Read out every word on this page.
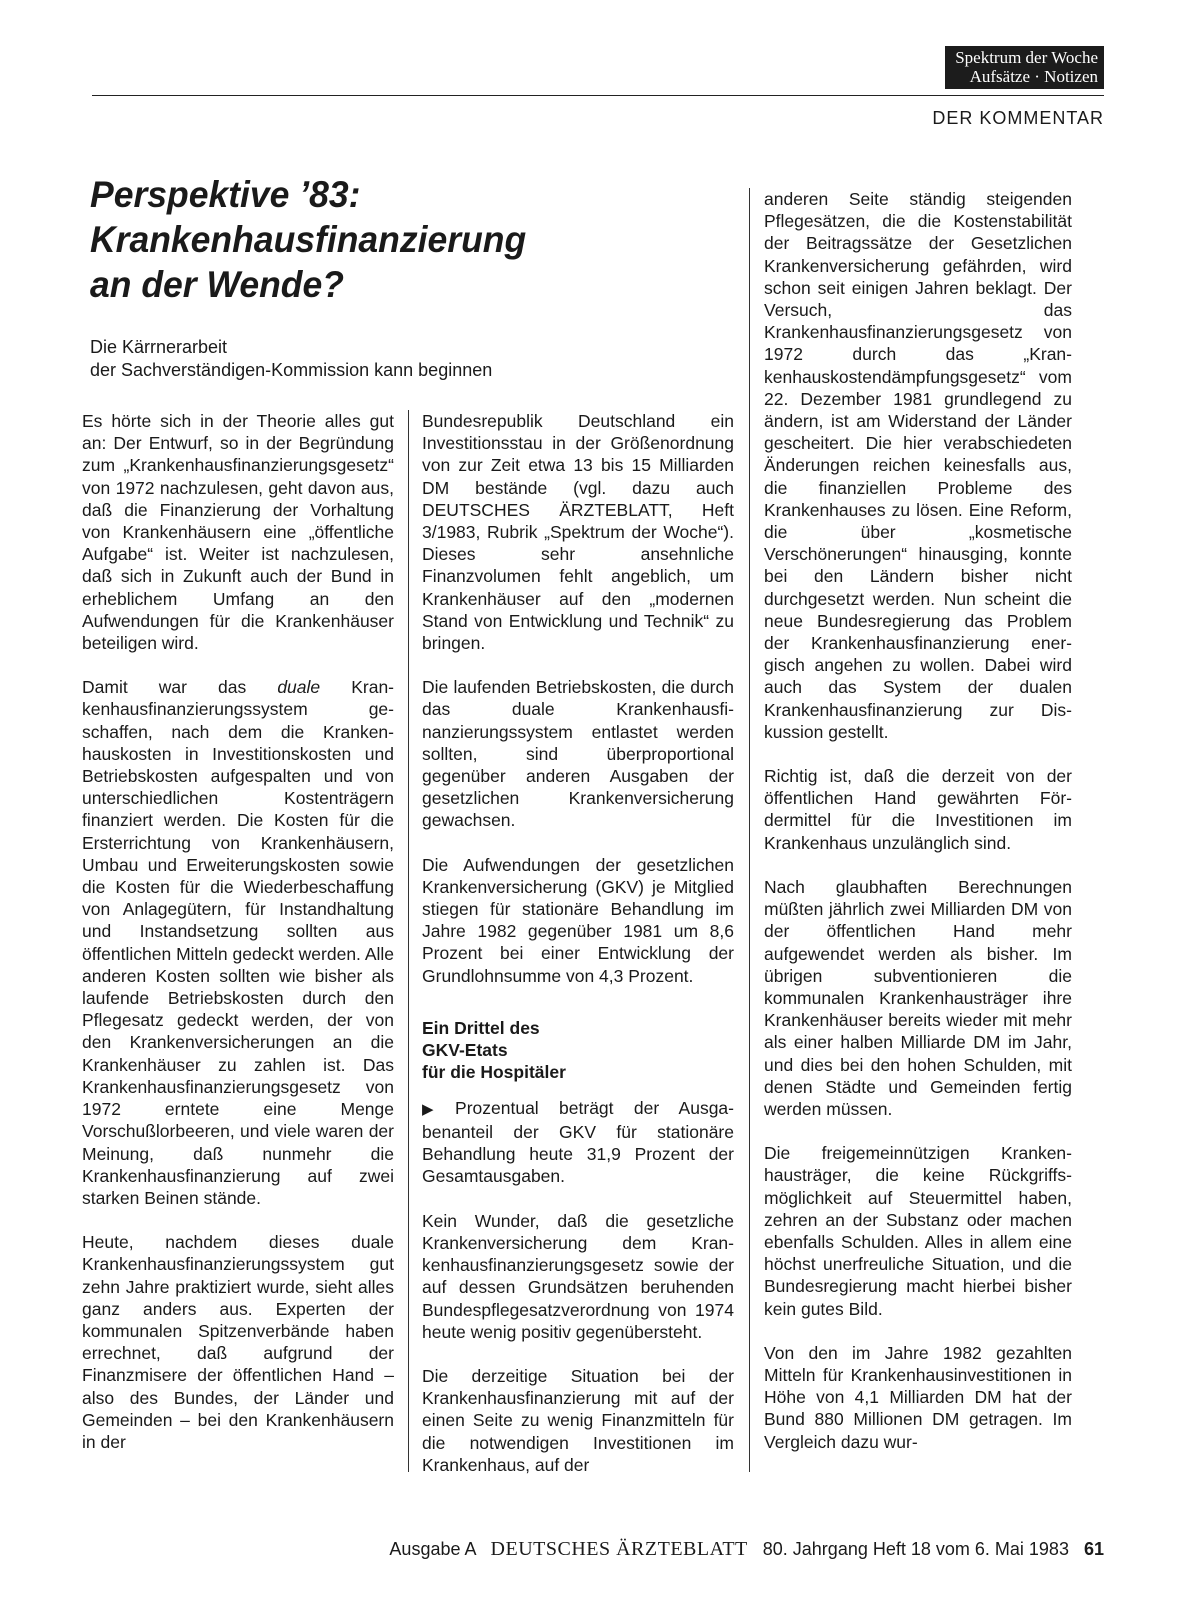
Spektrum der Woche
Aufsätze · Notizen
DER KOMMENTAR
Perspektive ’83:
Krankenhausfinanzierung
an der Wende?
Die Kärrnerarbeit
der Sachverständigen-Kommission kann beginnen

Es hörte sich in der Theorie alles gut an: Der Entwurf, so in der Begründung zum „Krankenhausfinanzierungsgesetz“ von 1972 nachzulesen, geht davon aus, daß die Finanzierung der Vorhaltung von Krankenhäusern eine „öffentliche Aufgabe“ ist. Weiter ist nachzulesen, daß sich in Zukunft auch der Bund in erheblichem Umfang an den Aufwendungen für die Krankenhäuser beteiligen wird.

Damit war das duale Krankenhausfinanzierungssystem geschaffen, nach dem die Krankenhauskosten in Investitionskosten und Betriebskosten aufgespalten und von unterschiedlichen Kostenträgern finanziert werden. Die Kosten für die Ersterrichtung von Krankenhäusern, Umbau und Erweiterungskosten sowie die Kosten für die Wiederbeschaffung von Anlagegütern, für Instandhaltung und Instandsetzung sollten aus öffentlichen Mitteln gedeckt werden. Alle anderen Kosten sollten wie bisher als laufende Betriebskosten durch den Pflegesatz gedeckt werden, der von den Krankenversicherungen an die Krankenhäuser zu zahlen ist. Das Krankenhausfinanzierungsgesetz von 1972 erntete eine Menge Vorschußlorbeeren, und viele waren der Meinung, daß nunmehr die Krankenhausfinanzierung auf zwei starken Beinen stände.

Heute, nachdem dieses duale Krankenhausfinanzierungssystem gut zehn Jahre praktiziert wurde, sieht alles ganz anders aus. Experten der kommunalen Spitzenverbände haben errechnet, daß aufgrund der Finanzmisere der öffentlichen Hand – also des Bundes, der Länder und Gemeinden – bei den Krankenhäusern in der

Bundesrepublik Deutschland ein Investitionsstau in der Größenordnung von zur Zeit etwa 13 bis 15 Milliarden DM bestände (vgl. dazu auch DEUTSCHES ÄRZTEBLATT, Heft 3/1983, Rubrik „Spektrum der Woche“). Dieses sehr ansehnliche Finanzvolumen fehlt angeblich, um Krankenhäuser auf den „modernen Stand von Entwicklung und Technik“ zu bringen.

Die laufenden Betriebskosten, die durch das duale Krankenhausfinanzierungssystem entlastet werden sollten, sind überproportional gegenüber anderen Ausgaben der gesetzlichen Krankenversicherung gewachsen.

Die Aufwendungen der gesetzlichen Krankenversicherung (GKV) je Mitglied stiegen für stationäre Behandlung im Jahre 1982 gegenüber 1981 um 8,6 Prozent bei einer Entwicklung der Grundlohnsumme von 4,3 Prozent.

Ein Drittel des
GKV-Etats
für die Hospitäler

▶ Prozentual beträgt der Ausgabenanteil der GKV für stationäre Behandlung heute 31,9 Prozent der Gesamtausgaben.

Kein Wunder, daß die gesetzliche Krankenversicherung dem Krankenhausfinanzierungsgesetz sowie der auf dessen Grundsätzen beruhenden Bundespflegesatzverordnung von 1974 heute wenig positiv gegenübersteht.

Die derzeitige Situation bei der Krankenhausfinanzierung mit auf der einen Seite zu wenig Finanzmitteln für die notwendigen Investitionen im Krankenhaus, auf der

anderen Seite ständig steigenden Pflegesätzen, die die Kostenstabilität der Beitragssätze der Gesetzlichen Krankenversicherung gefährden, wird schon seit einigen Jahren beklagt. Der Versuch, das Krankenhausfinanzierungsgesetz von 1972 durch das „Krankenhauskostendämpfungsgesetz“ vom 22. Dezember 1981 grundlegend zu ändern, ist am Widerstand der Länder gescheitert. Die hier verabschiedeten Änderungen reichen keinesfalls aus, die finanziellen Probleme des Krankenhauses zu lösen. Eine Reform, die über „kosmetische Verschönerungen“ hinausging, konnte bei den Ländern bisher nicht durchgesetzt werden. Nun scheint die neue Bundesregierung das Problem der Krankenhausfinanzierung energisch angehen zu wollen. Dabei wird auch das System der dualen Krankenhausfinanzierung zur Diskussion gestellt.

Richtig ist, daß die derzeit von der öffentlichen Hand gewährten Fördermittel für die Investitionen im Krankenhaus unzulänglich sind.

Nach glaubhaften Berechnungen müßten jährlich zwei Milliarden DM von der öffentlichen Hand mehr aufgewendet werden als bisher. Im übrigen subventionieren die kommunalen Krankenhausträger ihre Krankenhäuser bereits wieder mit mehr als einer halben Milliarde DM im Jahr, und dies bei den hohen Schulden, mit denen Städte und Gemeinden fertig werden müssen.

Die freigemeinnützigen Krankenhausträger, die keine Rückgriffsmöglichkeit auf Steuermittel haben, zehren an der Substanz oder machen ebenfalls Schulden. Alles in allem eine höchst unerfreuliche Situation, und die Bundesregierung macht hierbei bisher kein gutes Bild.

Von den im Jahre 1982 gezahlten Mitteln für Krankenhausinvestitionen in Höhe von 4,1 Milliarden DM hat der Bund 880 Millionen DM getragen. Im Vergleich dazu wur-

Ausgabe A DEUTSCHES ÄRZTEBLATT 80. Jahrgang Heft 18 vom 6. Mai 1983 61
